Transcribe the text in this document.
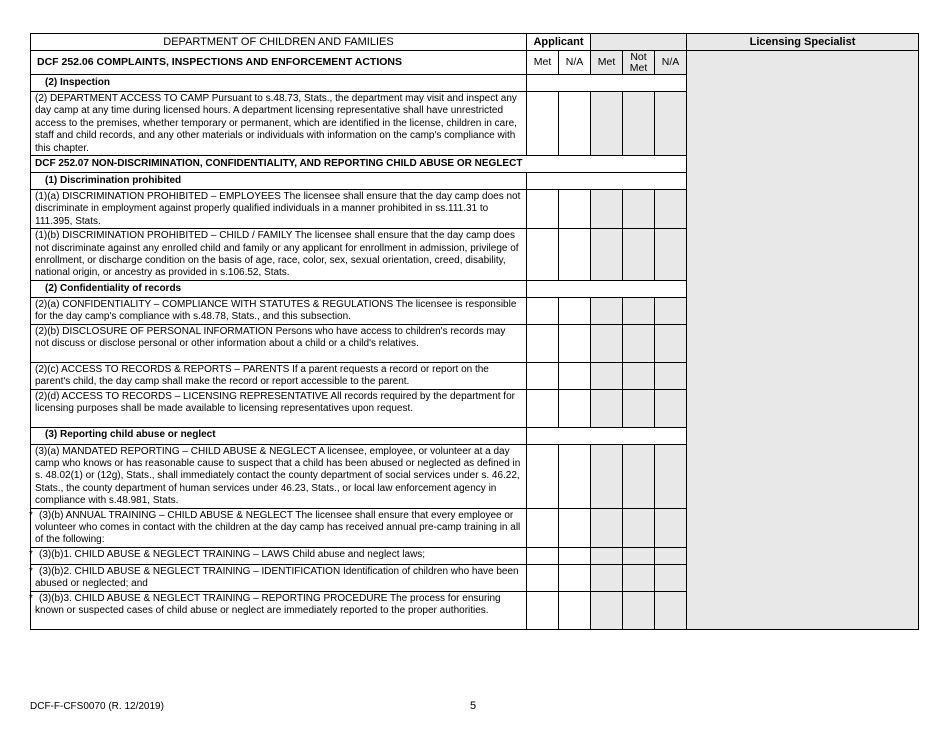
DEPARTMENT OF CHILDREN AND FAMILIES	Applicant					Licensing Specialist
DCF 252.06 COMPLAINTS, INSPECTIONS AND ENFORCEMENT ACTIONS	Met	N/A	Met	Not Met	N/A	
(2) Inspection						
(2) DEPARTMENT ACCESS TO CAMP Pursuant to s.48.73, Stats., the department may visit and inspect any day camp at any time during licensed hours. A department licensing representative shall have unrestricted access to the premises, whether temporary or permanent, which are identified in the license, children in care, staff and child records, and any other materials or individuals with information on the camp's compliance with this chapter.						
DCF 252.07 NON-DISCRIMINATION, CONFIDENTIALITY, AND REPORTING CHILD ABUSE OR NEGLECT						
(1) Discrimination prohibited						
(1)(a) DISCRIMINATION PROHIBITED – EMPLOYEES The licensee shall ensure that the day camp does not discriminate in employment against properly qualified individuals in a manner prohibited in ss.111.31 to 111.395, Stats.						
(1)(b) DISCRIMINATION PROHIBITED – CHILD / FAMILY The licensee shall ensure that the day camp does not discriminate against any enrolled child and family or any applicant for enrollment in admission, privilege of enrollment, or discharge condition on the basis of age, race, color, sex, sexual orientation, creed, disability, national origin, or ancestry as provided in s.106.52, Stats.						
(2) Confidentiality of records						
(2)(a) CONFIDENTIALITY – COMPLIANCE WITH STATUTES & REGULATIONS The licensee is responsible for the day camp's compliance with s.48.78, Stats., and this subsection.						
(2)(b) DISCLOSURE OF PERSONAL INFORMATION Persons who have access to children's records may not discuss or disclose personal or other information about a child or a child's relatives.						
(2)(c) ACCESS TO RECORDS & REPORTS – PARENTS If a parent requests a record or report on the parent's child, the day camp shall make the record or report accessible to the parent.						
(2)(d) ACCESS TO RECORDS – LICENSING REPRESENTATIVE All records required by the department for licensing purposes shall be made available to licensing representatives upon request.						
(3) Reporting child abuse or neglect						
(3)(a) MANDATED REPORTING – CHILD ABUSE & NEGLECT A licensee, employee, or volunteer at a day camp who knows or has reasonable cause to suspect that a child has been abused or neglected as defined in s. 48.02(1) or (12g), Stats., shall immediately contact the county department of social services under s. 46.22, Stats., the county department of human services under 46.23, Stats., or local law enforcement agency in compliance with s.48.981, Stats.						
* (3)(b) ANNUAL TRAINING – CHILD ABUSE & NEGLECT The licensee shall ensure that every employee or volunteer who comes in contact with the children at the day camp has received annual pre-camp training in all of the following:						
* (3)(b)1. CHILD ABUSE & NEGLECT TRAINING – LAWS Child abuse and neglect laws;						
* (3)(b)2. CHILD ABUSE & NEGLECT TRAINING – IDENTIFICATION Identification of children who have been abused or neglected; and						
* (3)(b)3. CHILD ABUSE & NEGLECT TRAINING – REPORTING PROCEDURE The process for ensuring known or suspected cases of child abuse or neglect are immediately reported to the proper authorities.						
DCF-F-CFS0070 (R. 12/2019)	5
